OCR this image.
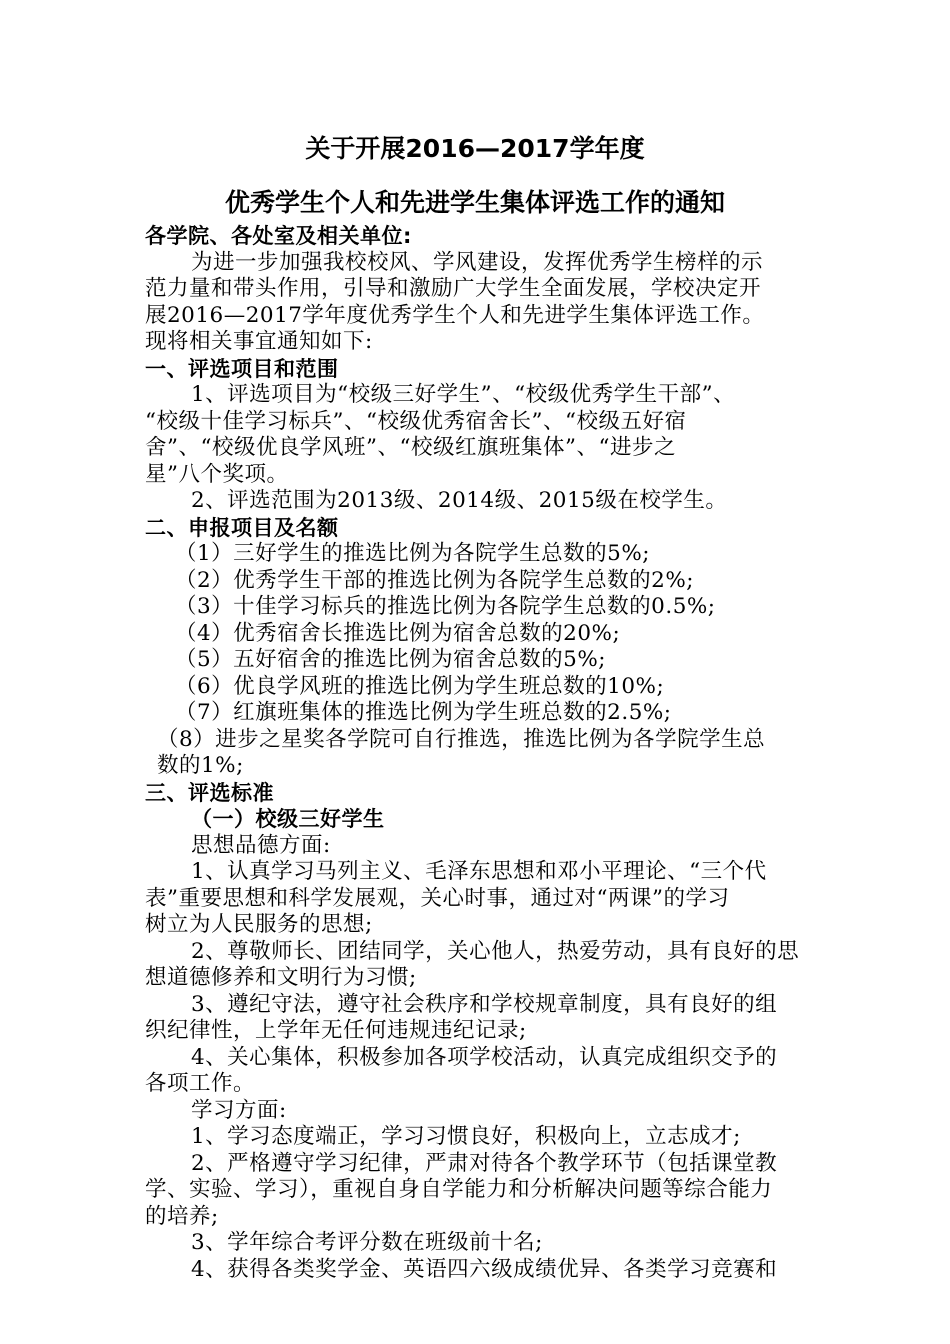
关于开展2016—2017学年度
优秀学生个人和先进学生集体评选工作的通知
各学院、各处室及相关单位:
为进一步加强我校校风、学风建设，发挥优秀学生榜样的示
范力量和带头作用，引导和激励广大学生全面发展，学校决定开
展2016—2017学年度优秀学生个人和先进学生集体评选工作。
现将相关事宜通知如下:
一、评选项目和范围
1、评选项目为“校级三好学生”、“校级优秀学生干部”、
“校级十佳学习标兵”、“校级优秀宿舍长”、“校级五好宿
舍”、“校级优良学风班”、“校级红旗班集体”、“进步之
星”八个奖项。
2、评选范围为2013级、2014级、2015级在校学生。
二、申报项目及名额
（1）三好学生的推选比例为各院学生总数的5%;
（2）优秀学生干部的推选比例为各院学生总数的2%;
（3）十佳学习标兵的推选比例为各院学生总数的0.5%;
（4）优秀宿舍长推选比例为宿舍总数的20%;
（5）五好宿舍的推选比例为宿舍总数的5%;
（6）优良学风班的推选比例为学生班总数的10%;
（7）红旗班集体的推选比例为学生班总数的2.5%;
（8）进步之星奖各学院可自行推选，推选比例为各学院学生总
数的1%;
三、评选标准
（一）校级三好学生
思想品德方面:
1、认真学习马列主义、毛泽东思想和邓小平理论、“三个代
表”重要思想和科学发展观，关心时事，通过对“两课”的学习
树立为人民服务的思想;
2、尊敬师长、团结同学，关心他人，热爱劳动，具有良好的思
想道德修养和文明行为习惯;
3、遵纪守法，遵守社会秩序和学校规章制度，具有良好的组
织纪律性，上学年无任何违规违纪记录;
4、关心集体，积极参加各项学校活动，认真完成组织交予的
各项工作。
学习方面:
1、学习态度端正，学习习惯良好，积极向上，立志成才;
2、严格遵守学习纪律，严肃对待各个教学环节（包括课堂教
学、实验、学习），重视自身自学能力和分析解决问题等综合能力
的培养;
3、学年综合考评分数在班级前十名;
4、获得各类奖学金、英语四六级成绩优异、各类学习竞赛和
